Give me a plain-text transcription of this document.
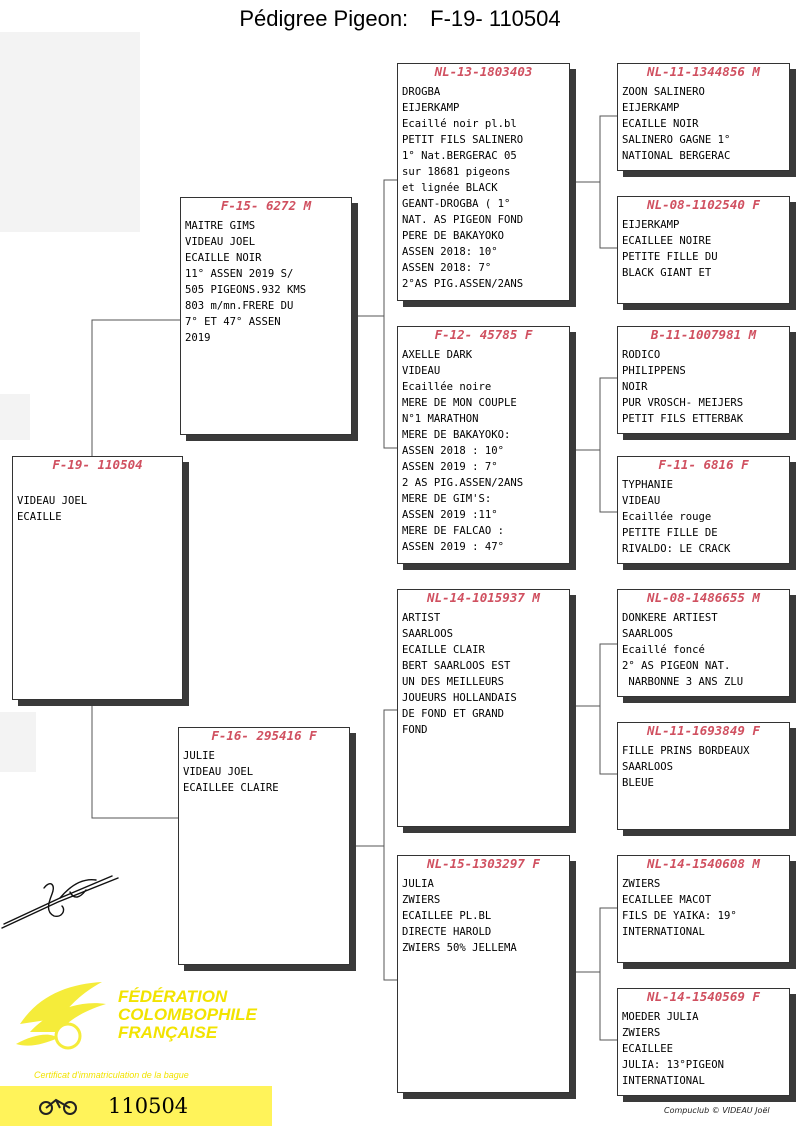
Pédigree Pigeon: F-19- 110504
F-19- 110504
VIDEAU JOEL
ECAILLE
F-15- 6272 M
MAITRE GIMS
VIDEAU JOEL
ECAILLE NOIR
11° ASSEN 2019 S/
505 PIGEONS.932 KMS
803 m/mn.FRERE DU
7° ET 47° ASSEN
2019
F-16- 295416 F
JULIE
VIDEAU JOEL
ECAILLEE CLAIRE
NL-13-1803403
DROGBA
EIJERKAMP
Ecaillé noir pl.bl
PETIT FILS SALINERO
1° Nat.BERGERAC 05
sur 18681 pigeons
et lignée BLACK
GEANT-DROGBA ( 1°
NAT. AS PIGEON FOND
PERE DE BAKAYOKO
ASSEN 2018: 10°
ASSEN 2018: 7°
2°AS PIG.ASSEN/2ANS
F-12- 45785 F
AXELLE DARK
VIDEAU
Ecaillée noire
MERE DE MON COUPLE
N°1 MARATHON
MERE DE BAKAYOKO:
ASSEN 2018 : 10°
ASSEN 2019 : 7°
2 AS PIG.ASSEN/2ANS
MERE DE GIM'S:
ASSEN 2019 :11°
MERE DE FALCAO :
ASSEN 2019 : 47°
NL-14-1015937 M
ARTIST
SAARLOOS
ECAILLE CLAIR
BERT SAARLOOS EST
UN DES MEILLEURS
JOUEURS HOLLANDAIS
DE FOND ET GRAND
FOND
NL-15-1303297 F
JULIA
ZWIERS
ECAILLEE PL.BL
DIRECTE HAROLD
ZWIERS 50% JELLEMA
NL-11-1344856 M
ZOON SALINERO
EIJERKAMP
ECAILLE NOIR
SALINERO GAGNE 1°
NATIONAL BERGERAC
NL-08-1102540 F
EIJERKAMP
ECAILLEE NOIRE
PETITE FILLE DU
BLACK GIANT ET
B-11-1007981 M
RODICO
PHILIPPENS
NOIR
PUR VROSCH- MEIJERS
PETIT FILS ETTERBAK
F-11- 6816 F
TYPHANIE
VIDEAU
Ecaillée rouge
PETITE FILLE DE
RIVALDO: LE CRACK
NL-08-1486655 M
DONKERE ARTIEST
SAARLOOS
Ecaillé foncé
2° AS PIGEON NAT.
NARBONNE 3 ANS ZLU
NL-11-1693849 F
FILLE PRINS BORDEAUX
SAARLOOS
BLEUE
NL-14-1540608 M
ZWIERS
ECAILLEE MACOT
FILS DE YAIKA: 19°
INTERNATIONAL
NL-14-1540569 F
MOEDER JULIA
ZWIERS
ECAILLEE
JULIA: 13°PIGEON
INTERNATIONAL
FÉDÉRATION
COLOMBOPHILE
FRANÇAISE
Certificat d'immatriculation de la bague
110504	Compuclub © VIDEAU Joël
